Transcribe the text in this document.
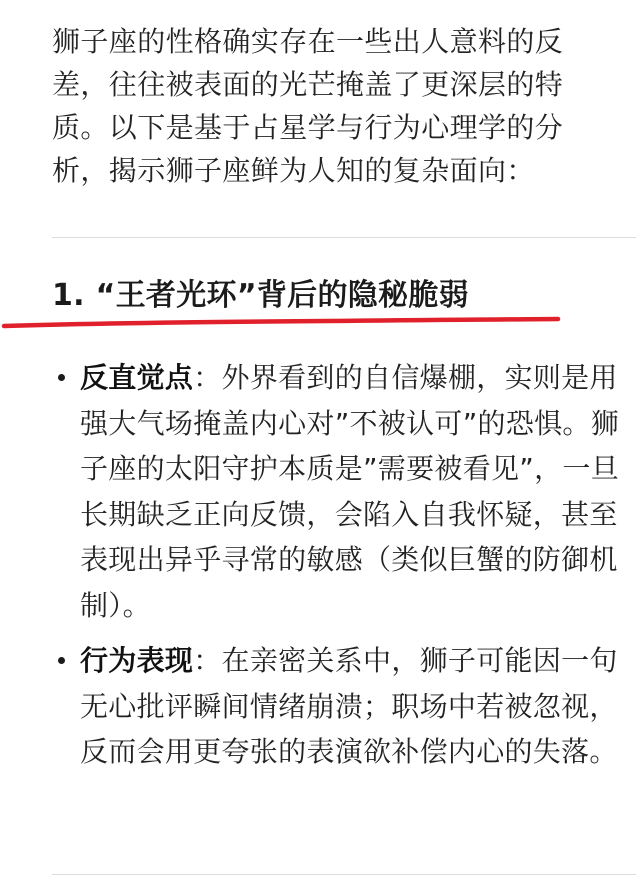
狮子座的性格确实存在一些出人意料的反差，往往被表面的光芒掩盖了更深层的特质。以下是基于占星学与行为心理学的分析，揭示狮子座鲜为人知的复杂面向：

1. “王者光环”背后的隐秘脆弱
反直觉点：外界看到的自信爆棚，实则是用强大气场掩盖内心对”不被认可”的恐惧。狮子座的太阳守护本质是”需要被看见”，一旦长期缺乏正向反馈，会陷入自我怀疑，甚至表现出异乎寻常的敏感（类似巨蟹的防御机制）。
行为表现：在亲密关系中，狮子可能因一句无心批评瞬间情绪崩溃；职场中若被忽视，反而会用更夸张的表演欲补偿内心的失落。
